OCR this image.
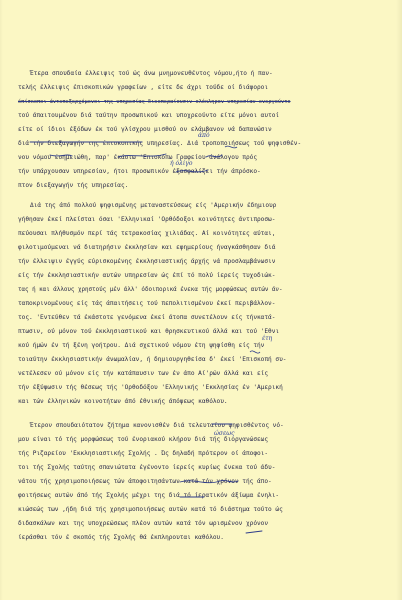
Έτερα σπουδαία έλλειψις τού ώς άνω μνημονευθέντος νόμου,ήτο ή παν-
τελής έλλειψις έπισκοπικών γραφείων , είτε δε άχρι τούδε οί διάφοροι
έπίσκοποι άντεπεξερχόμενοι της υπηρεσίας διεκπεραίουσιν ολόκληρον υπηρεσίαν ενεργούντο
τού άπαιτουμένου διά ταύτην προσωπικού και υποχρεούντο είτε μόνοι αυτοί
είτε οί ίδιοι έξόδων έκ τού γλίσχρου μισθού ον ελάμβανον νά δαπανώσιν
διά τήν διεξαγωγήν της έπισκοπικής υπηρεσίας. Διά τροποποιήσεως τού ψηφισθέν-
νου νόμου έσημειώθη, παρ' έκάστω 'Επισκόπω Γραφείου άνάλογου πρός
τήν υπάρχουσαν υπηρεσίαν, ήτοι προσωπικόν έξασφαλίζει τήν άπρόσκο-
πτον διεξαγωγήν τής υπηρεσίας.
Διά της άπό πολλού ψηφισμένης μεταναστεύσεως είς 'Αμερικήν έδημιουρ
γήθησαν έκεί πλείσται όσαι 'Ελληνικαί 'Ορθόδοξοι κοινότητες άντιπροσω-
πεύουσαι πλήθυσμόν περί τάς τετρακοσίας χιλιάδας. Αί κοινότητες αύται,
φιλοτιμούμεναι νά διατηρήσιν έκκλησίαν και εφημερίους ήναγκάσθησαν διά
τήν έλλειψιν έγγύς εύρισκομένης έκκλησιαστικής άρχής νά προσλαμβάνωσιν
είς τήν έκκλησιαστικήν αυτών υπηρεσίαν ώς έπί τό πολύ ίερείς τυχοδιώκ-
τας ή και άλλους χρηστούς μέν άλλ' όδοιπορικά ένεκα τής μορφώσεως αυτών άν-
ταποκρινομένους είς τάς άπαιτήσεις τού πεπολιτισμένου έκεί περιβάλλον-
τος. 'Εντεύθεν τά έκάστοτε γενόμενα έκεί άτοπα συνετέλουν είς τήνκατά-
πτωσιν, ού μόνον τού έκκλησιαστικού και θρησκευτικού άλλά και τού 'Εθνι
κού ήμών έν τή ξένη γοήτρου. Διά σχετικού νόμου έτη ψηφίσθη είς τήν
τοιαύτην έκκλησιαστικήν άνωμαλίαν, ή δημιουργηθείσα δ' έκεί 'Επισκοπή συ-
νετέλεσεν ού μόνον είς τήν κατάπαυσιν των έν άπο Αί'ρών άλλά και είς
τήν έξύψωσιν τής θέσεως τής 'Ορθοδόξου 'Ελληνικής 'Εκκλησίας έν 'Αμερική
και τών έλληνικών κοινοτήτων άπό έθνικής άπόψεως καθόλου.
Έτερον σπουδαιότατον ζήτημα κανονισθέν διά τελευταίου ψηφισθέντος νό-
μου είναι τό τής μορφώσεως τού ένοριακού κλήρου διά τής διοργανώσεως
τής Ριζαρείου 'Εκκλησιαστικής Σχολής . Ώς δηλαδή πρότερον οί άποφοι-
τοι τής Σχολής ταύτης σπανιώτατα έγένοντο ίερείς κυρίως ένεκα τού άδυ-
νάτου τής χρησιμοποιήσεως τών άποφοιτησάντων κατά τόν χρόνον τής άπο-
φοιτήσεως αυτών άπό τής Σχολής μέχρι της διά τό ίερατικόν άξίωμα ένηλι-
κιώσεώς των ,ήδη διά τής χρησιμοποιήσεως αυτών κατά τό διάστημα τούτο ώς
διδασκάλων και της υποχρεώσεως πλέον αυτών κατά τόν ωρισμένον χρόνον
ίεράσθαι τόν έ σκοπός τής Σχολής θά έκπληρουται καθόλου.
άπό
ή όλίγο
έτη
ώσεως
